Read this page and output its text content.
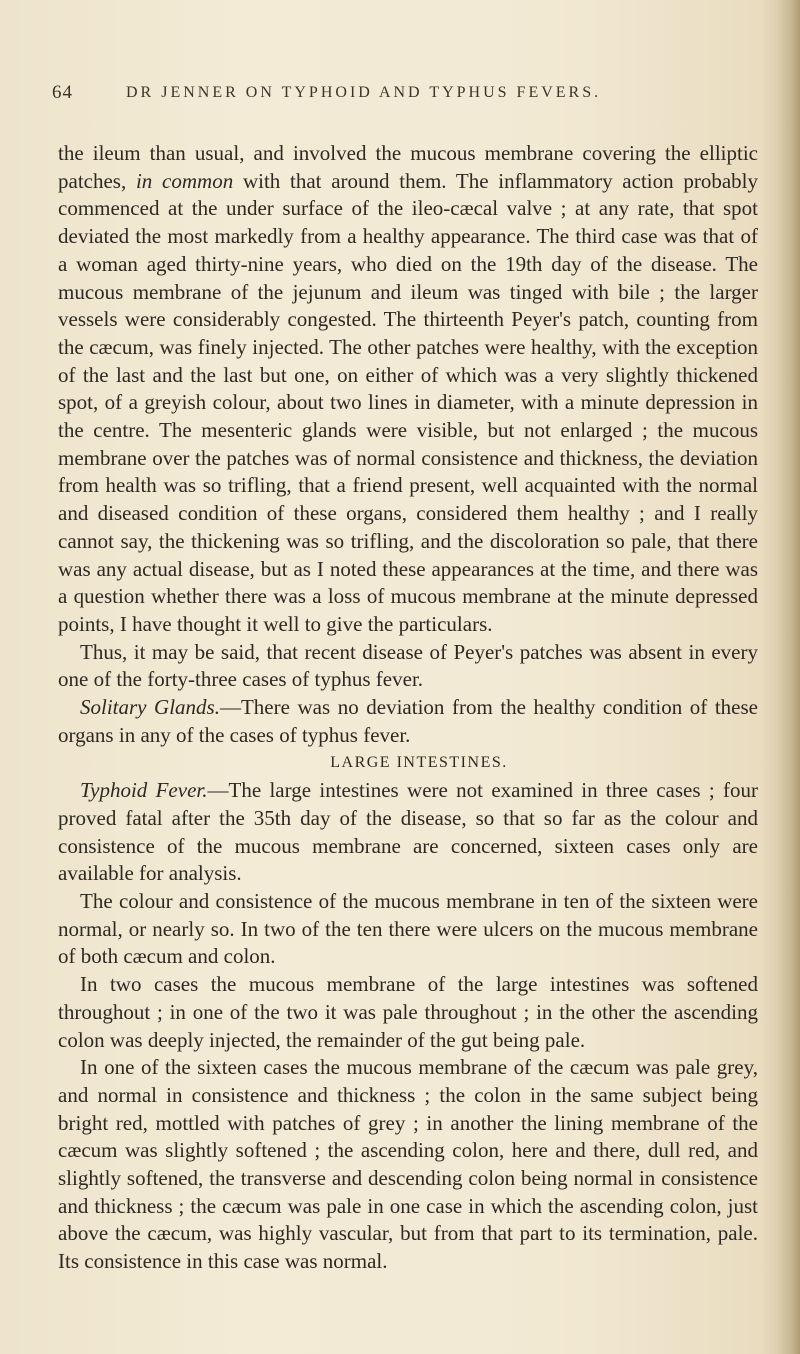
64	DR JENNER ON TYPHOID AND TYPHUS FEVERS.

the ileum than usual, and involved the mucous membrane covering the elliptic patches, in common with that around them. The inflammatory action probably commenced at the under surface of the ileo-cæcal valve ; at any rate, that spot deviated the most markedly from a healthy appearance. The third case was that of a woman aged thirty-nine years, who died on the 19th day of the disease. The mucous membrane of the jejunum and ileum was tinged with bile ; the larger vessels were considerably congested. The thirteenth Peyer's patch, counting from the cæcum, was finely injected. The other patches were healthy, with the exception of the last and the last but one, on either of which was a very slightly thickened spot, of a greyish colour, about two lines in diameter, with a minute depression in the centre. The mesenteric glands were visible, but not enlarged ; the mucous membrane over the patches was of normal consistence and thickness, the deviation from health was so trifling, that a friend present, well acquainted with the normal and diseased condition of these organs, considered them healthy ; and I really cannot say, the thickening was so trifling, and the discoloration so pale, that there was any actual disease, but as I noted these appearances at the time, and there was a question whether there was a loss of mucous membrane at the minute depressed points, I have thought it well to give the particulars.

Thus, it may be said, that recent disease of Peyer's patches was absent in every one of the forty-three cases of typhus fever.

Solitary Glands.—There was no deviation from the healthy condition of these organs in any of the cases of typhus fever.

LARGE INTESTINES.

Typhoid Fever.—The large intestines were not examined in three cases ; four proved fatal after the 35th day of the disease, so that so far as the colour and consistence of the mucous membrane are concerned, sixteen cases only are available for analysis.

The colour and consistence of the mucous membrane in ten of the sixteen were normal, or nearly so. In two of the ten there were ulcers on the mucous membrane of both cæcum and colon.

In two cases the mucous membrane of the large intestines was softened throughout ; in one of the two it was pale throughout ; in the other the ascending colon was deeply injected, the remainder of the gut being pale.

In one of the sixteen cases the mucous membrane of the cæcum was pale grey, and normal in consistence and thickness ; the colon in the same subject being bright red, mottled with patches of grey ; in another the lining membrane of the cæcum was slightly softened ; the ascending colon, here and there, dull red, and slightly softened, the transverse and descending colon being normal in consistence and thickness ; the cæcum was pale in one case in which the ascending colon, just above the cæcum, was highly vascular, but from that part to its termination, pale. Its consistence in this case was normal.
